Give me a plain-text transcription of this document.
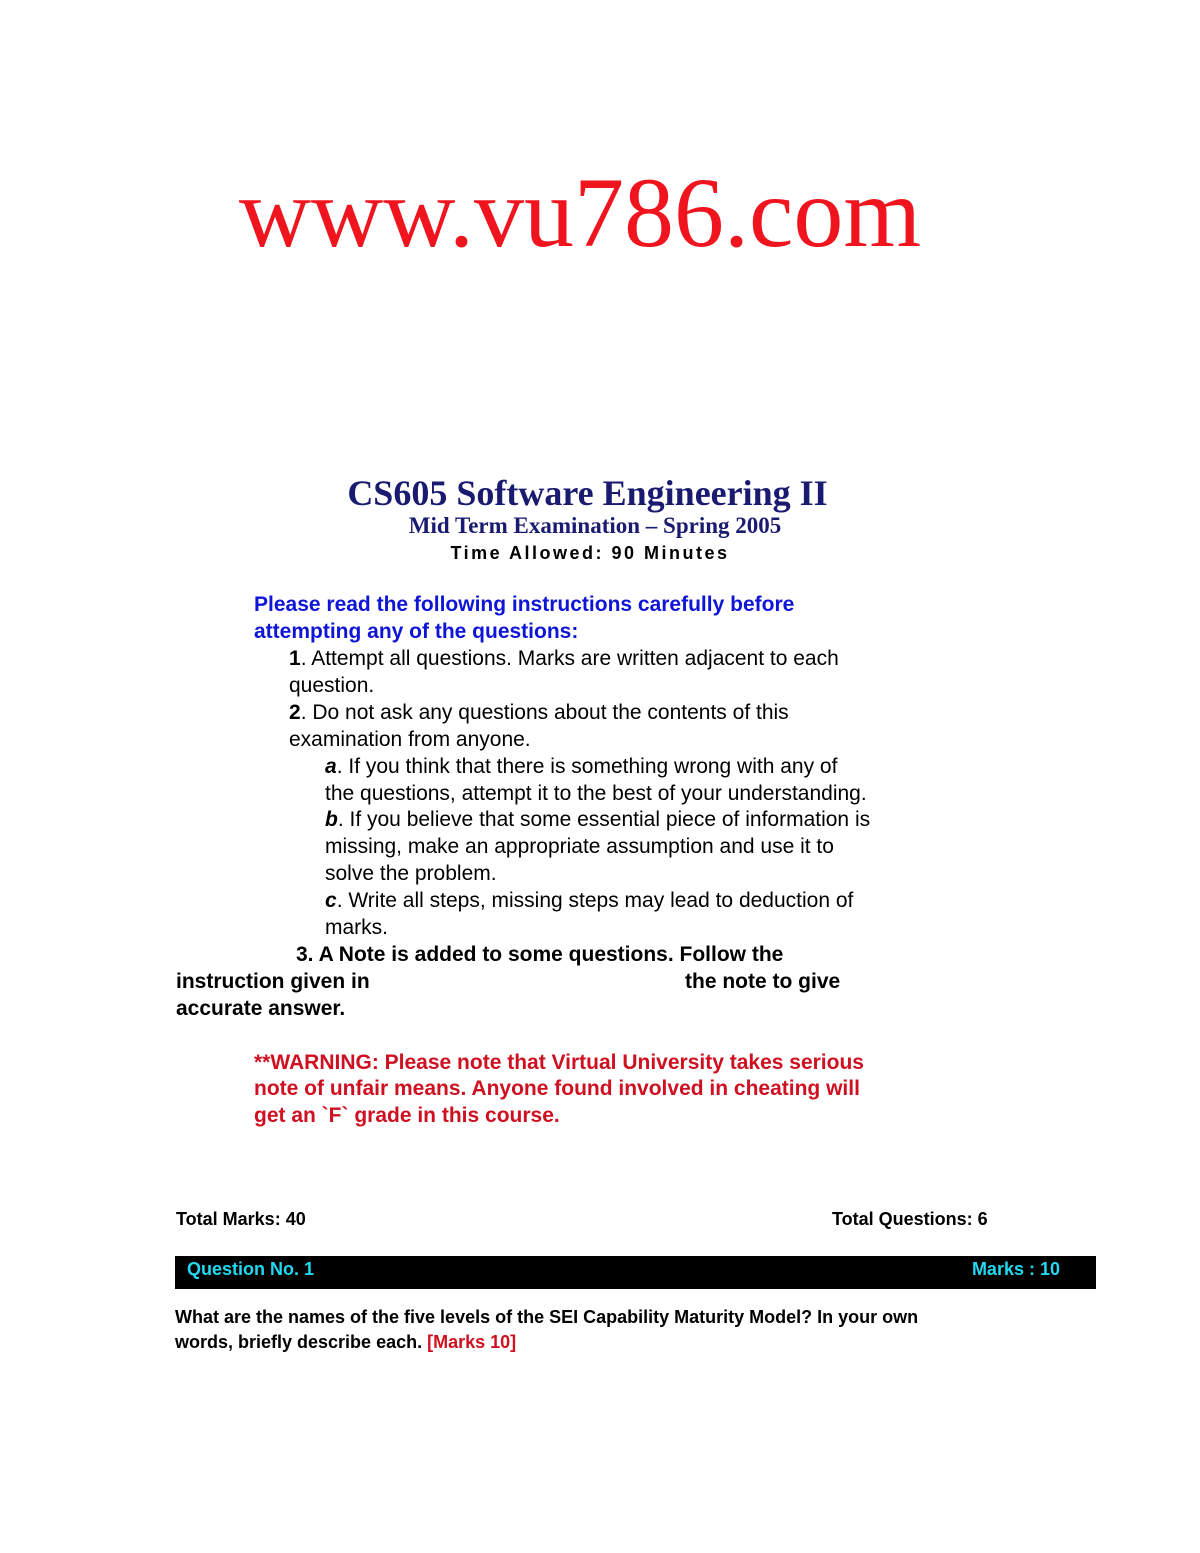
www.vu786.com
CS605 Software Engineering II
Mid Term Examination – Spring 2005
Time Allowed: 90 Minutes
Please read the following instructions carefully before
attempting any of the questions:
1. Attempt all questions. Marks are written adjacent to each
question.
2. Do not ask any questions about the contents of this
examination from anyone.
a. If you think that there is something wrong with any of
the questions, attempt it to the best of your understanding.
b. If you believe that some essential piece of information is
missing, make an appropriate assumption and use it to
solve the problem.
c. Write all steps, missing steps may lead to deduction of
marks.
3. A Note is added to some questions. Follow the
instruction given in	the note to give
accurate answer.
**WARNING: Please note that Virtual University takes serious
note of unfair means. Anyone found involved in cheating will
get an `F` grade in this course.
Total Marks: 40	Total Questions: 6
Question No. 1	Marks : 10
What are the names of the five levels of the SEI Capability Maturity Model? In your own
words, briefly describe each. [Marks 10]
